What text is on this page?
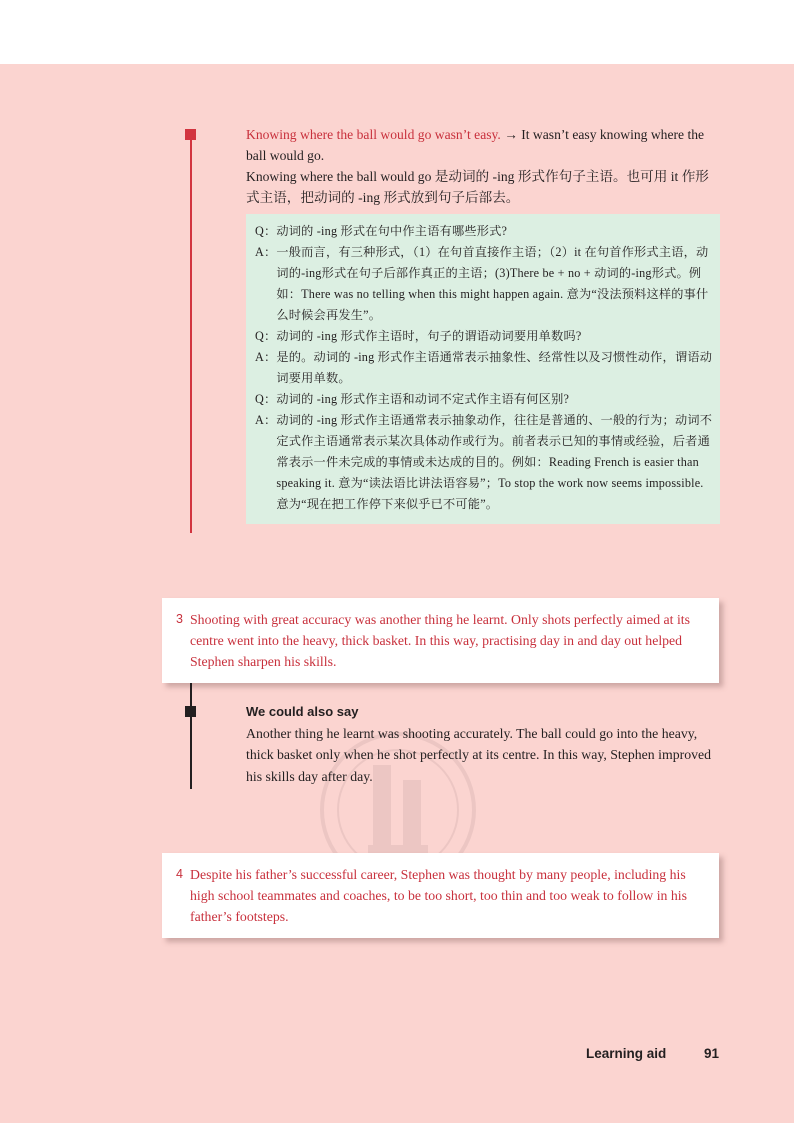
Knowing where the ball would go wasn’t easy. → It wasn’t easy knowing where the ball would go.

Knowing where the ball would go 是动词的 -ing 形式作句子主语。也可用 it 作形式主语，把动词的 -ing 形式放到句子后部去。

Q： 动词的 -ing 形式在句中作主语有哪些形式?
A： 一般而言，有三种形式，（1）在句首直接作主语；（2）it 在句首作形式主语，动词的-ing形式在句子后部作真正的主语；(3)There be + no + 动词的-ing形式。例如：There was no telling when this might happen again. 意为“没法预料这样的事什么时候会再发生”。
Q： 动词的 -ing 形式作主语时，句子的谓语动词要用单数吗?
A： 是的。动词的 -ing 形式作主语通常表示抽象性、经常性以及习惯性动作，谓语动词要用单数。
Q： 动词的 -ing 形式作主语和动词不定式作主语有何区别?
A： 动词的 -ing 形式作主语通常表示抽象动作，往往是普通的、一般的行为；动词不定式作主语通常表示某次具体动作或行为。前者表示已知的事情或经验，后者通常表示一件未完成的事情或未达成的目的。例如：Reading French is easier than speaking it. 意为“读法语比讲法语容易”；To stop the work now seems impossible. 意为“现在把工作停下来似乎已不可能”。
3 Shooting with great accuracy was another thing he learnt. Only shots perfectly aimed at its centre went into the heavy, thick basket. In this way, practising day in and day out helped Stephen sharpen his skills.

We could also say

Another thing he learnt was shooting accurately. The ball could go into the heavy, thick basket only when he shot perfectly at its centre. In this way, Stephen improved his skills day after day.

4 Despite his father’s successful career, Stephen was thought by many people, including his high school teammates and coaches, to be too short, too thin and too weak to follow in his father’s footsteps.
Learning aid	91
